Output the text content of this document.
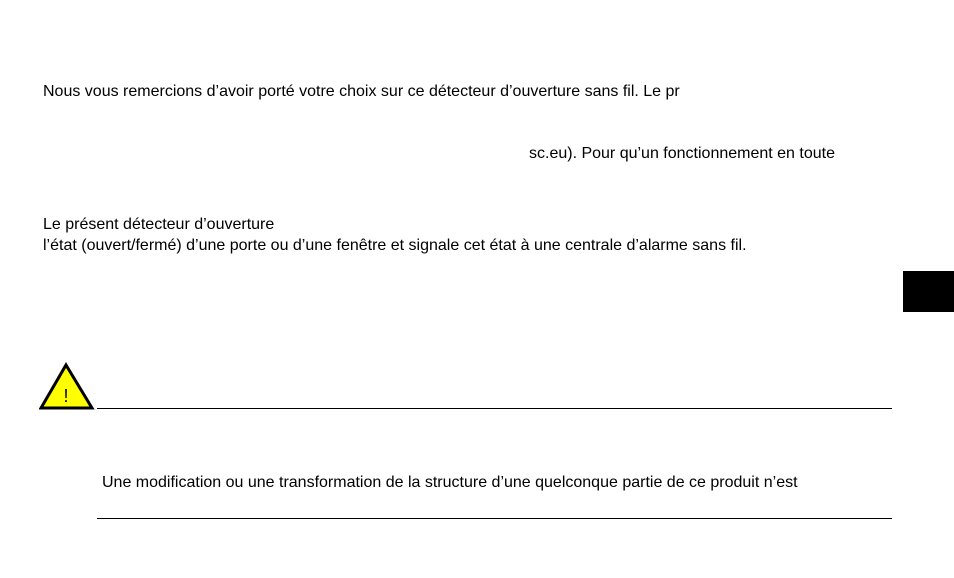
Nous vous remercions d’avoir porté votre choix sur ce détecteur d’ouverture sans fil. Le pr
sc.eu). Pour qu’un fonctionnement en toute
Le présent détecteur d’ouverture
l’état (ouvert/fermé) d’une porte ou d’une fenêtre et signale cet état à une centrale d’alarme sans fil.
!
Une modification ou une transformation de la structure d’une quelconque partie de ce produit n’est
